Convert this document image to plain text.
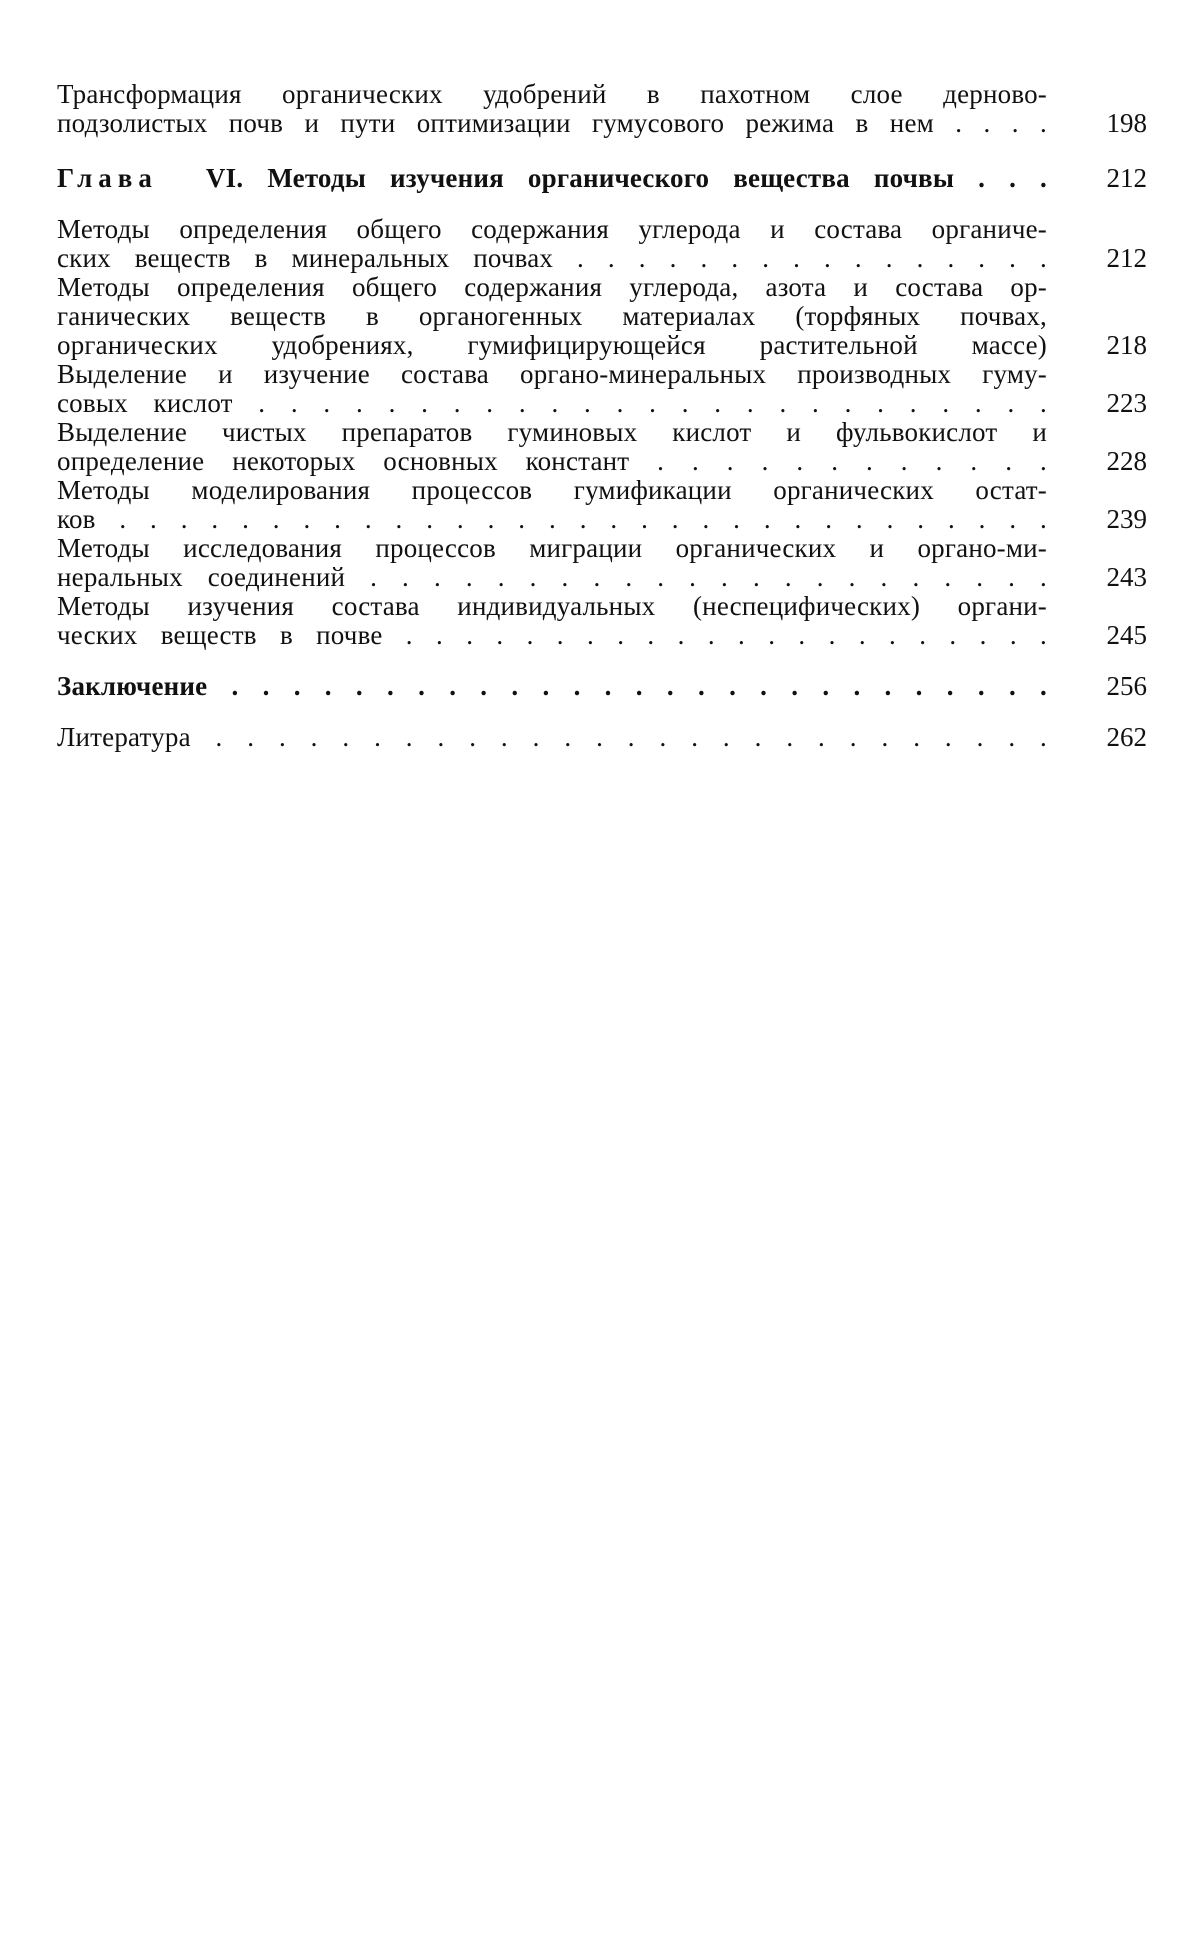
Трансформация органических удобрений в пахотном слое дерново-
подзолистых почв и пути оптимизации гумусового режима в нем . . . .	198
Глава VI. Методы изучения органического вещества почвы . . .	212
Методы определения общего содержания углерода и состава органиче-
ских веществ в минеральных почвах . . . . . . . . . . . . . . . .	212
Методы определения общего содержания углерода, азота и состава ор-
ганических веществ в органогенных материалах (торфяных почвах,
органических удобрениях, гумифицирующейся растительной массе)	218
Выделение и изучение состава органо-минеральных производных гуму-
совых кислот . . . . . . . . . . . . . . . . . . . . . . . . .	223
Выделение чистых препаратов гуминовых кислот и фульвокислот и
определение некоторых основных констант . . . . . . . . . . . .	228
Методы моделирования процессов гумификации органических остат-
ков . . . . . . . . . . . . . . . . . . . . . . . . . . . . . . .	239
Методы исследования процессов миграции органических и органо-ми-
неральных соединений . . . . . . . . . . . . . . . . . . . . . .	243
Методы изучения состава индивидуальных (неспецифических) органи-
ческих веществ в почве . . . . . . . . . . . . . . . . . . . . . .	245
Заключение . . . . . . . . . . . . . . . . . . . . . . . . . . .	256
Литература . . . . . . . . . . . . . . . . . . . . . . . . . . .	262
